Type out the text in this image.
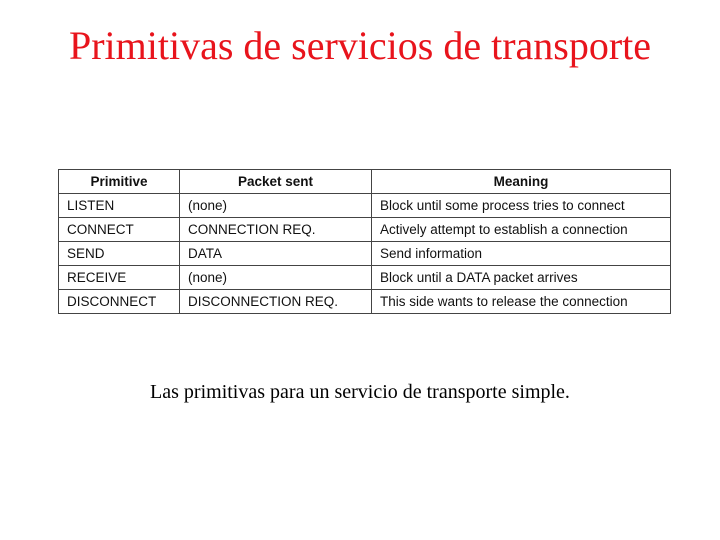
Primitivas de servicios de transporte
Primitive	Packet sent	Meaning
LISTEN	(none)	Block until some process tries to connect
CONNECT	CONNECTION REQ.	Actively attempt to establish a connection
SEND	DATA	Send information
RECEIVE	(none)	Block until a DATA packet arrives
DISCONNECT	DISCONNECTION REQ.	This side wants to release the connection
Las primitivas para un servicio de transporte simple.
